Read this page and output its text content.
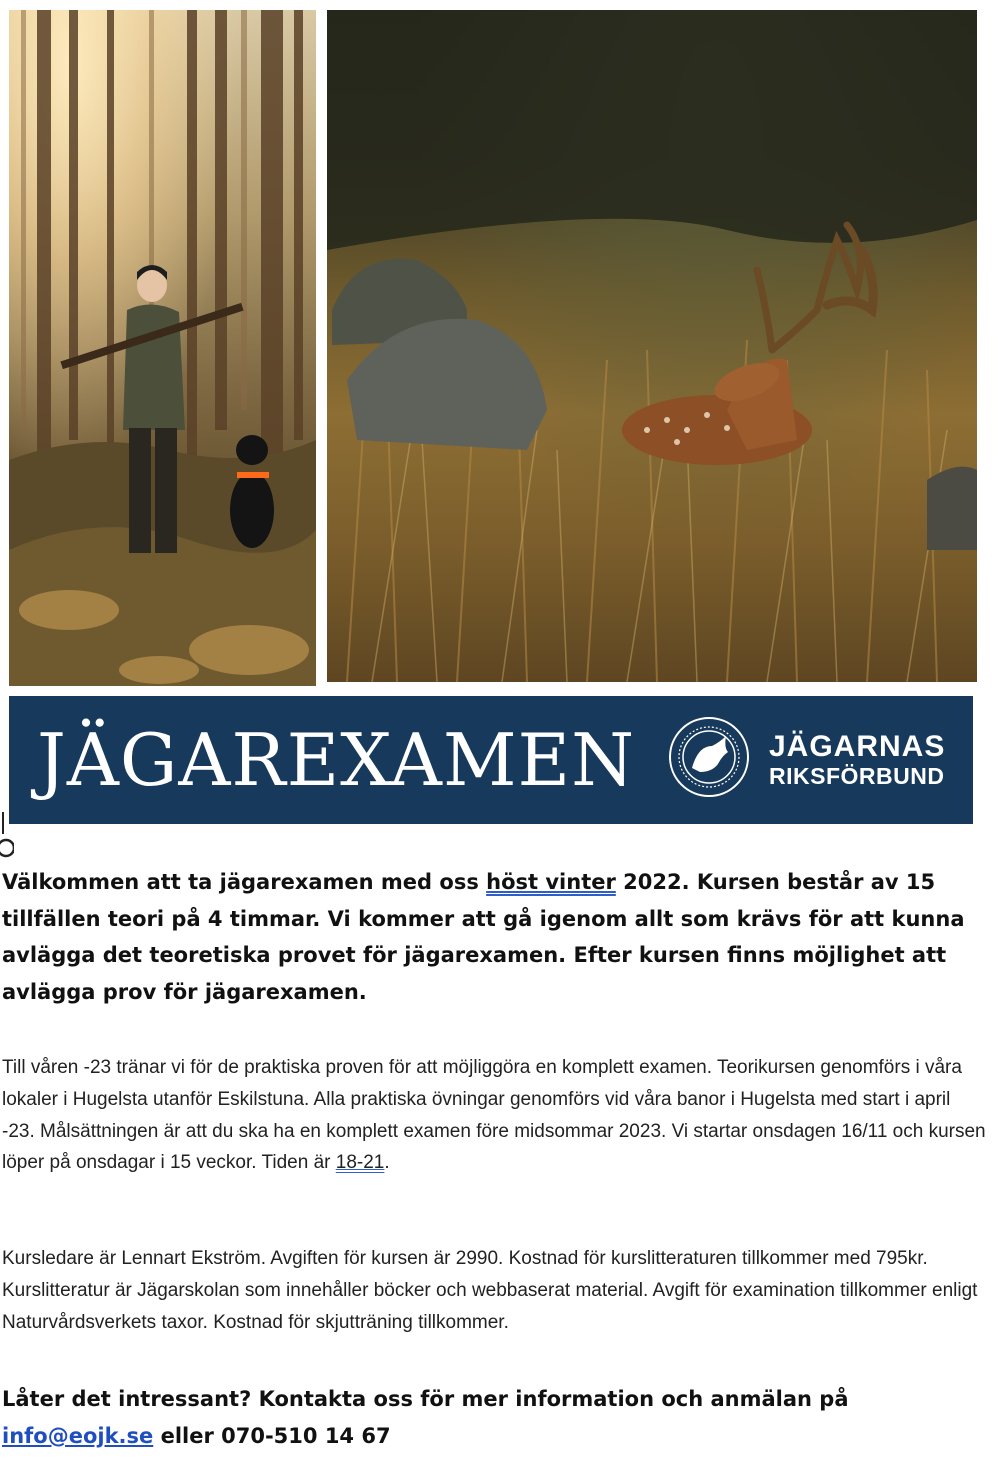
JÄGAREXAMEN	JÄGARNAS
RIKSFÖRBUND

Välkommen att ta jägarexamen med oss höst vinter 2022. Kursen består av 15 tillfällen teori på 4 timmar. Vi kommer att gå igenom allt som krävs för att kunna avlägga det teoretiska provet för jägarexamen. Efter kursen finns möjlighet att avlägga prov för jägarexamen.

Till våren -23 tränar vi för de praktiska proven för att möjliggöra en komplett examen. Teorikursen genomförs i våra lokaler i Hugelsta utanför Eskilstuna. Alla praktiska övningar genomförs vid våra banor i Hugelsta med start i april -23. Målsättningen är att du ska ha en komplett examen före midsommar 2023. Vi startar onsdagen 16/11 och kursen löper på onsdagar i 15 veckor. Tiden är 18-21.

Kursledare är Lennart Ekström. Avgiften för kursen är 2990. Kostnad för kurslitteraturen tillkommer med 795kr. Kurslitteratur är Jägarskolan som innehåller böcker och webbaserat material. Avgift för examination tillkommer enligt Naturvårdsverkets taxor. Kostnad för skjutträning tillkommer.

Låter det intressant? Kontakta oss för mer information och anmälan på info@eojk.se eller 070-510 14 67
